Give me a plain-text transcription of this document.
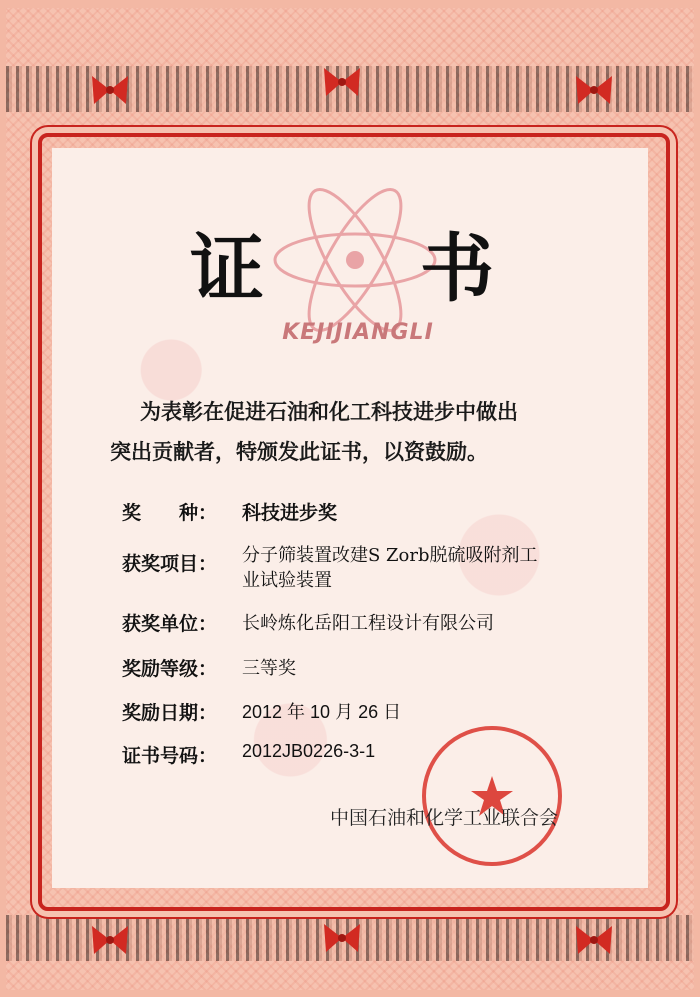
证 书
KEJIJIANGLI
为表彰在促进石油和化工科技进步中做出
突出贡献者，特颁发此证书，以资鼓励。
奖　　种： 科技进步奖
获奖项目： 分子筛装置改建S Zorb脱硫吸附剂工
业试验装置
获奖单位： 长岭炼化岳阳工程设计有限公司
奖励等级： 三等奖
奖励日期： 2012 年 10 月 26 日
证书号码： 2012JB0226-3-1
中国石油和化学工业联合会
